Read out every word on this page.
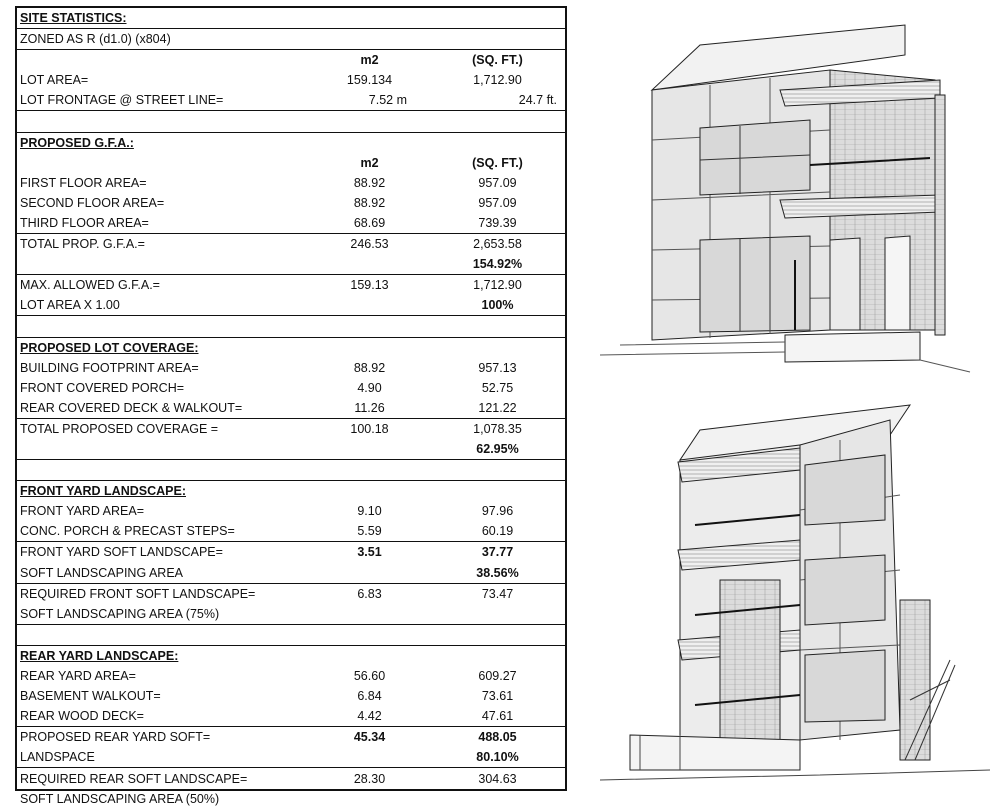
SITE STATISTICS:		
ZONED AS R (d1.0) (x804)		
	m2	(SQ. FT.)
LOT AREA=	159.134	1,712.90
LOT FRONTAGE @ STREET LINE=	7.52 m	24.7 ft.

PROPOSED G.F.A.:		
	m2	(SQ. FT.)
FIRST FLOOR AREA=	88.92	957.09
SECOND FLOOR AREA=	88.92	957.09
THIRD FLOOR AREA=	68.69	739.39
TOTAL PROP. G.F.A.=	246.53	2,653.58
		154.92%
MAX. ALLOWED G.F.A.=	159.13	1,712.90
LOT AREA X 1.00		100%

PROPOSED LOT COVERAGE:		
BUILDING FOOTPRINT AREA=	88.92	957.13
FRONT COVERED PORCH=	4.90	52.75
REAR COVERED DECK & WALKOUT=	11.26	121.22
TOTAL PROPOSED COVERAGE =	100.18	1,078.35
		62.95%

FRONT YARD LANDSCAPE:		
FRONT YARD AREA=	9.10	97.96
CONC. PORCH & PRECAST STEPS=	5.59	60.19
FRONT YARD SOFT LANDSCAPE=	3.51	37.77
SOFT LANDSCAPING AREA		38.56%
REQUIRED FRONT SOFT LANDSCAPE=	6.83	73.47
SOFT LANDSCAPING AREA (75%)		

REAR YARD LANDSCAPE:		
REAR YARD AREA=	56.60	609.27
BASEMENT WALKOUT=	6.84	73.61
REAR WOOD DECK=	4.42	47.61
PROPOSED REAR YARD SOFT=	45.34	488.05
LANDSPACE		80.10%
REQUIRED REAR SOFT LANDSCAPE=	28.30	304.63
SOFT LANDSCAPING AREA (50%)		
